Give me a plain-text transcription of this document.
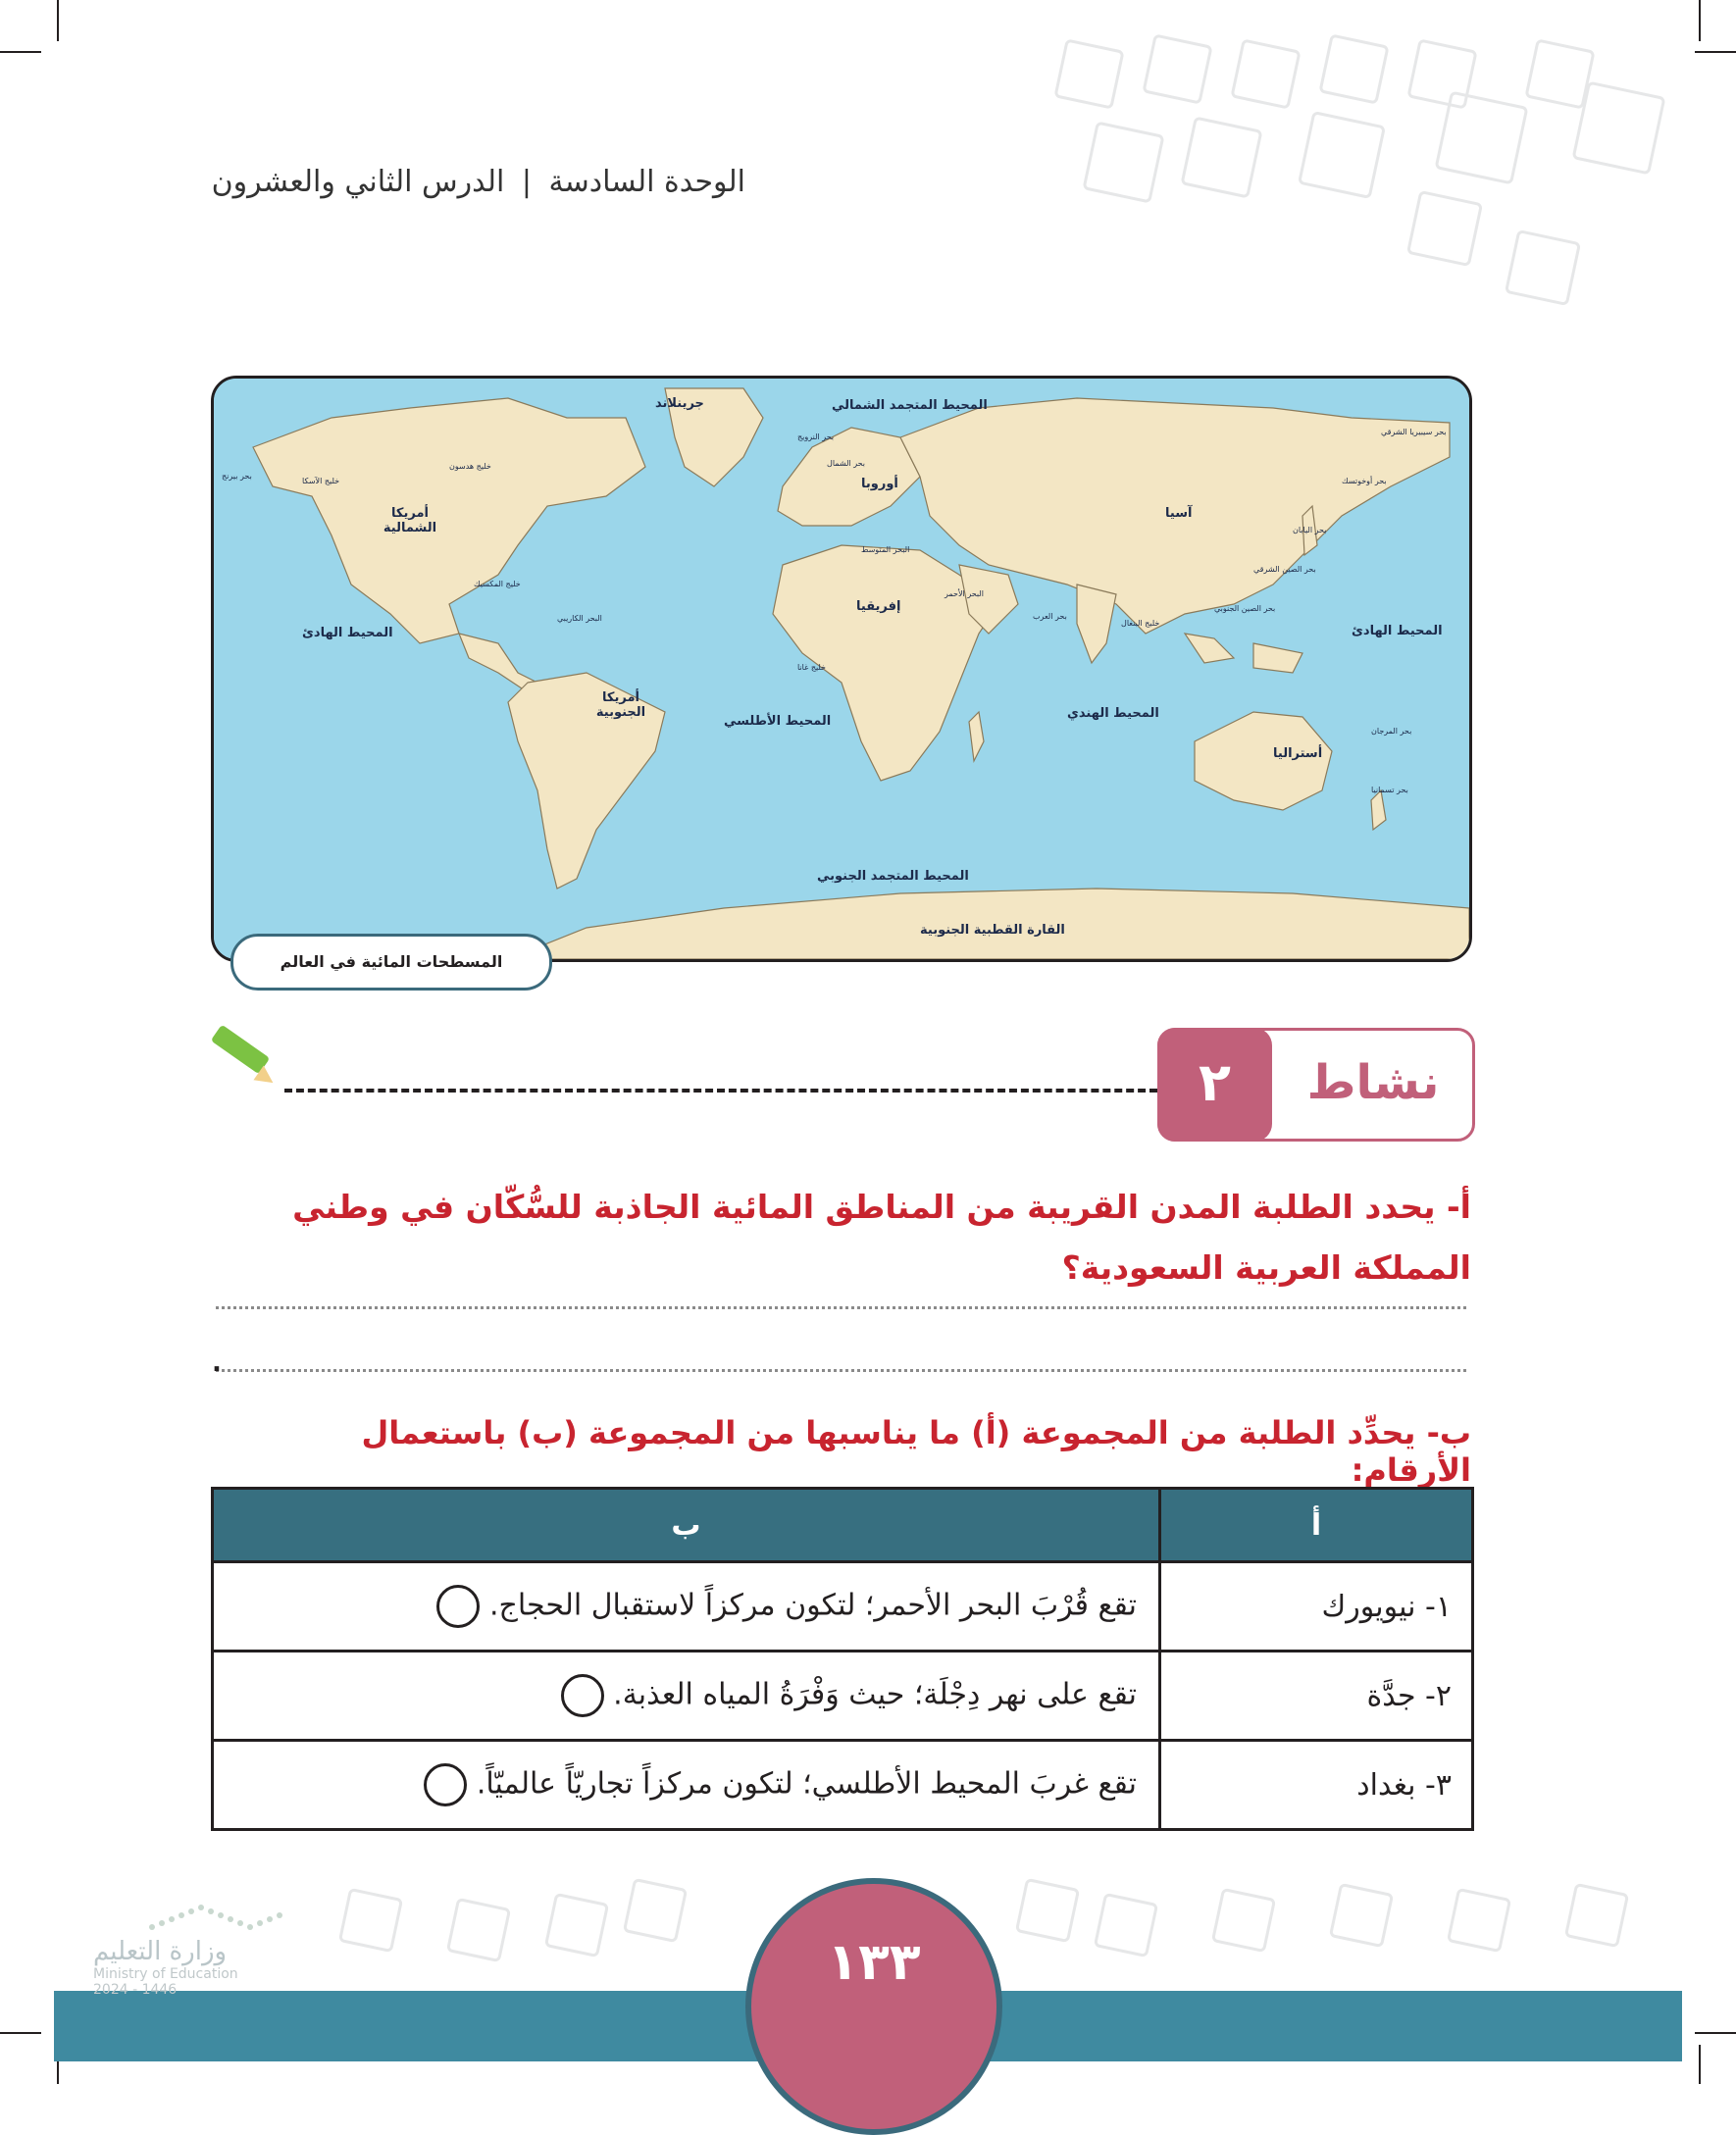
الوحدة السادسة | الدرس الثاني والعشرون
جرينلاند	المحيط المتجمد الشمالي
أمريكا الشمالية
أوروبا
آسيا
إفريقيا
أمريكا الجنوبية
المحيط الهادئ	المحيط الهادئ
المحيط الأطلسي
المحيط الهندي
أستراليا
المحيط المتجمد الجنوبي
القارة القطبية الجنوبية
بحر سيبيريا الشرقي
بحر النرويج
بحر الشمال
خليج هدسون
خليج الآسكا
بحر بيرنج
خليج المكسيك
البحر الكاريبي
البحر المتوسط
البحر الأحمر
بحر العرب
خليج البنغال
بحر الصين الجنوبي
بحر الصين الشرقي
بحر اليابان
بحر أوخوتسك
خليج غانا
بحر المرجان
بحر تسمانيا
المسطحات المائية في العالم
٢	نشاط
أ- يحدد الطلبة المدن القريبة من المناطق المائية الجاذبة للسُّكّان في وطني المملكة العربية السعودية؟
.
ب- يحدِّد الطلبة من المجموعة (أ) ما يناسبها من المجموعة (ب) باستعمال الأرقام:
أ	ب
١- نيويورك	تقع قُرْبَ البحر الأحمر؛ لتكون مركزاً لاستقبال الحجاج.
٢- جدَّة	تقع على نهر دِجْلَة؛ حيث وَفْرَةُ المياه العذبة.
٣- بغداد	تقع غربَ المحيط الأطلسي؛ لتكون مركزاً تجاريّاً عالميّاً.
وزارة التعليم
Ministry of Education
2024 - 1446	١٣٣
